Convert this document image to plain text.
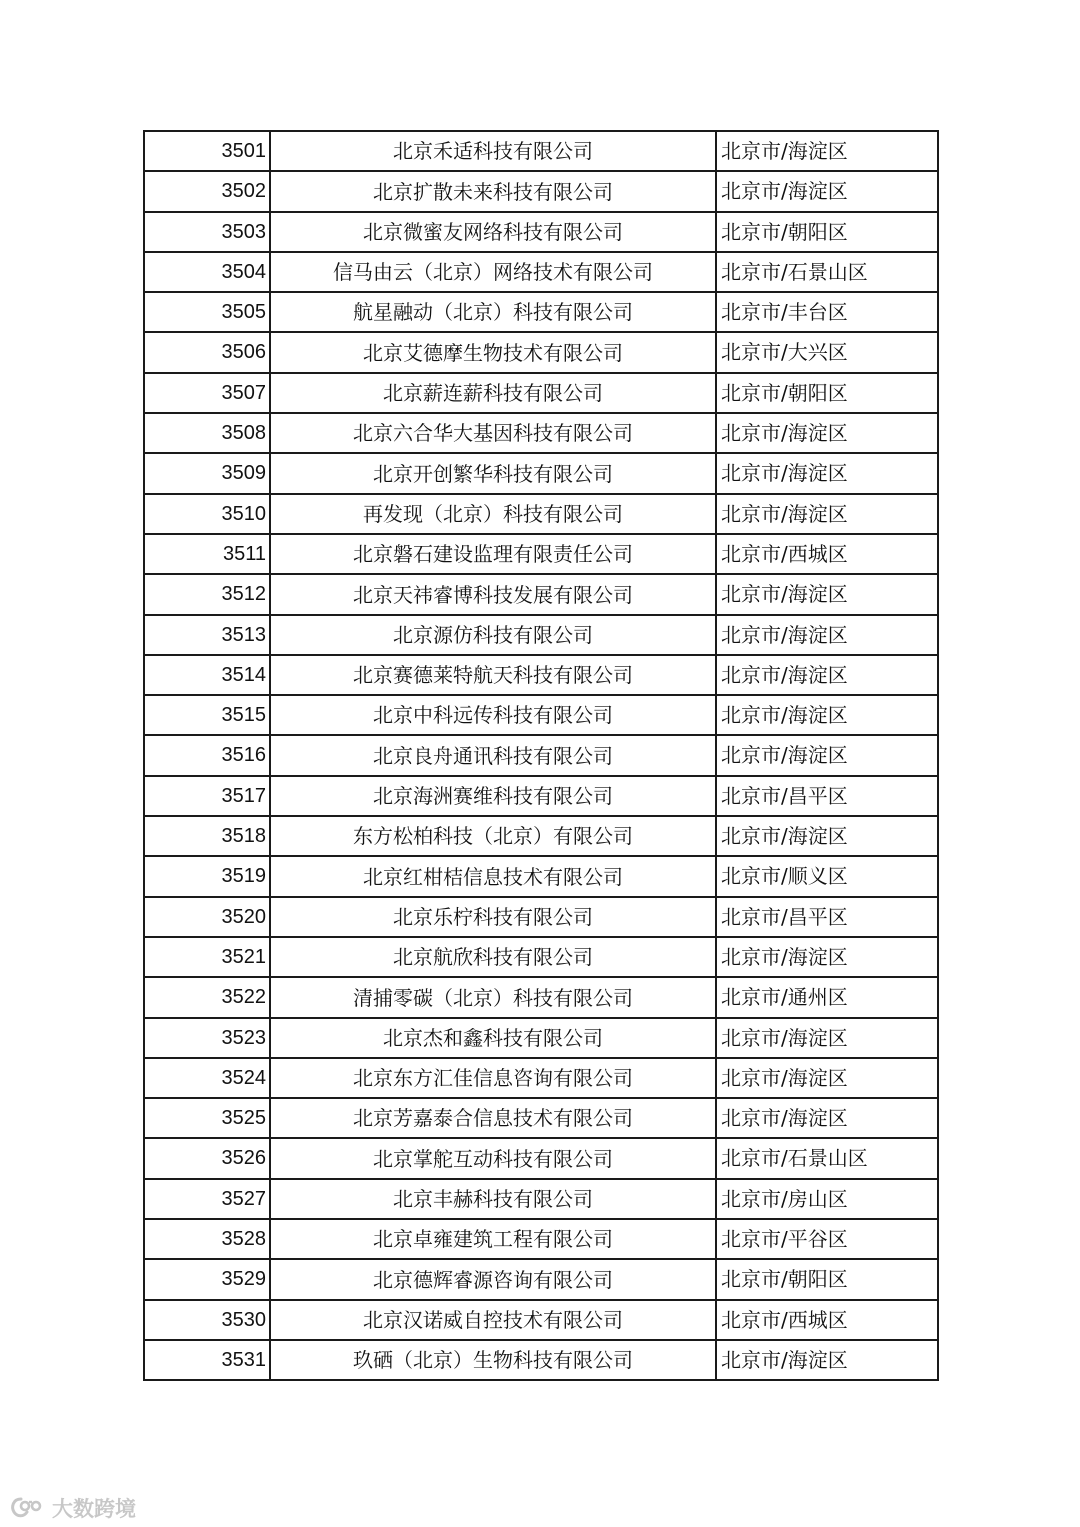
3501	北京禾适科技有限公司	北京市/海淀区
3502	北京扩散未来科技有限公司	北京市/海淀区
3503	北京微蜜友网络科技有限公司	北京市/朝阳区
3504	信马由云（北京）网络技术有限公司	北京市/石景山区
3505	航星融动（北京）科技有限公司	北京市/丰台区
3506	北京艾德摩生物技术有限公司	北京市/大兴区
3507	北京薪连薪科技有限公司	北京市/朝阳区
3508	北京六合华大基因科技有限公司	北京市/海淀区
3509	北京开创繁华科技有限公司	北京市/海淀区
3510	再发现（北京）科技有限公司	北京市/海淀区
3511	北京磐石建设监理有限责任公司	北京市/西城区
3512	北京天祎睿博科技发展有限公司	北京市/海淀区
3513	北京源仿科技有限公司	北京市/海淀区
3514	北京赛德莱特航天科技有限公司	北京市/海淀区
3515	北京中科远传科技有限公司	北京市/海淀区
3516	北京良舟通讯科技有限公司	北京市/海淀区
3517	北京海洲赛维科技有限公司	北京市/昌平区
3518	东方松柏科技（北京）有限公司	北京市/海淀区
3519	北京红柑桔信息技术有限公司	北京市/顺义区
3520	北京乐柠科技有限公司	北京市/昌平区
3521	北京航欣科技有限公司	北京市/海淀区
3522	清捕零碳（北京）科技有限公司	北京市/通州区
3523	北京杰和鑫科技有限公司	北京市/海淀区
3524	北京东方汇佳信息咨询有限公司	北京市/海淀区
3525	北京芳嘉泰合信息技术有限公司	北京市/海淀区
3526	北京掌舵互动科技有限公司	北京市/石景山区
3527	北京丰赫科技有限公司	北京市/房山区
3528	北京卓雍建筑工程有限公司	北京市/平谷区
3529	北京德辉睿源咨询有限公司	北京市/朝阳区
3530	北京汉诺威自控技术有限公司	北京市/西城区
3531	玖硒（北京）生物科技有限公司	北京市/海淀区
大数跨境
